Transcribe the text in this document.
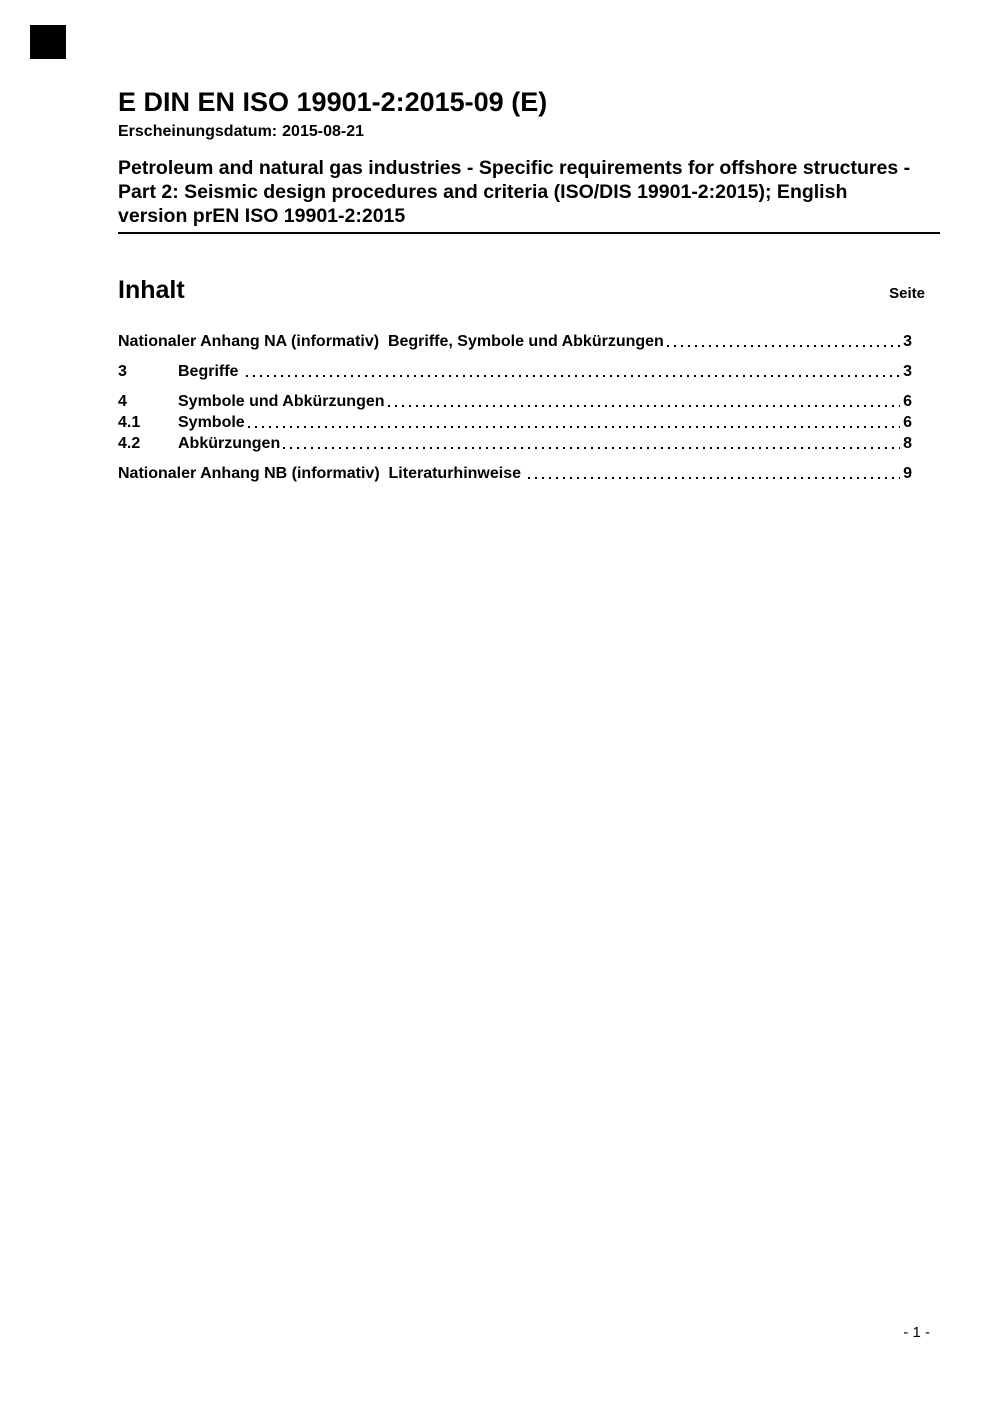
E DIN EN ISO 19901-2:2015-09 (E)
Erscheinungsdatum: 2015-08-21
Petroleum and natural gas industries - Specific requirements for offshore structures -
Part 2: Seismic design procedures and criteria (ISO/DIS 19901-2:2015); English
version prEN ISO 19901-2:2015
Inhalt	Seite
Nationaler Anhang NA (informativ)  Begriffe, Symbole und Abkürzungen	3
3	Begriffe	3
4	Symbole und Abkürzungen	6
4.1	Symbole	6
4.2	Abkürzungen	8
Nationaler Anhang NB (informativ)  Literaturhinweise	9
- 1 -
